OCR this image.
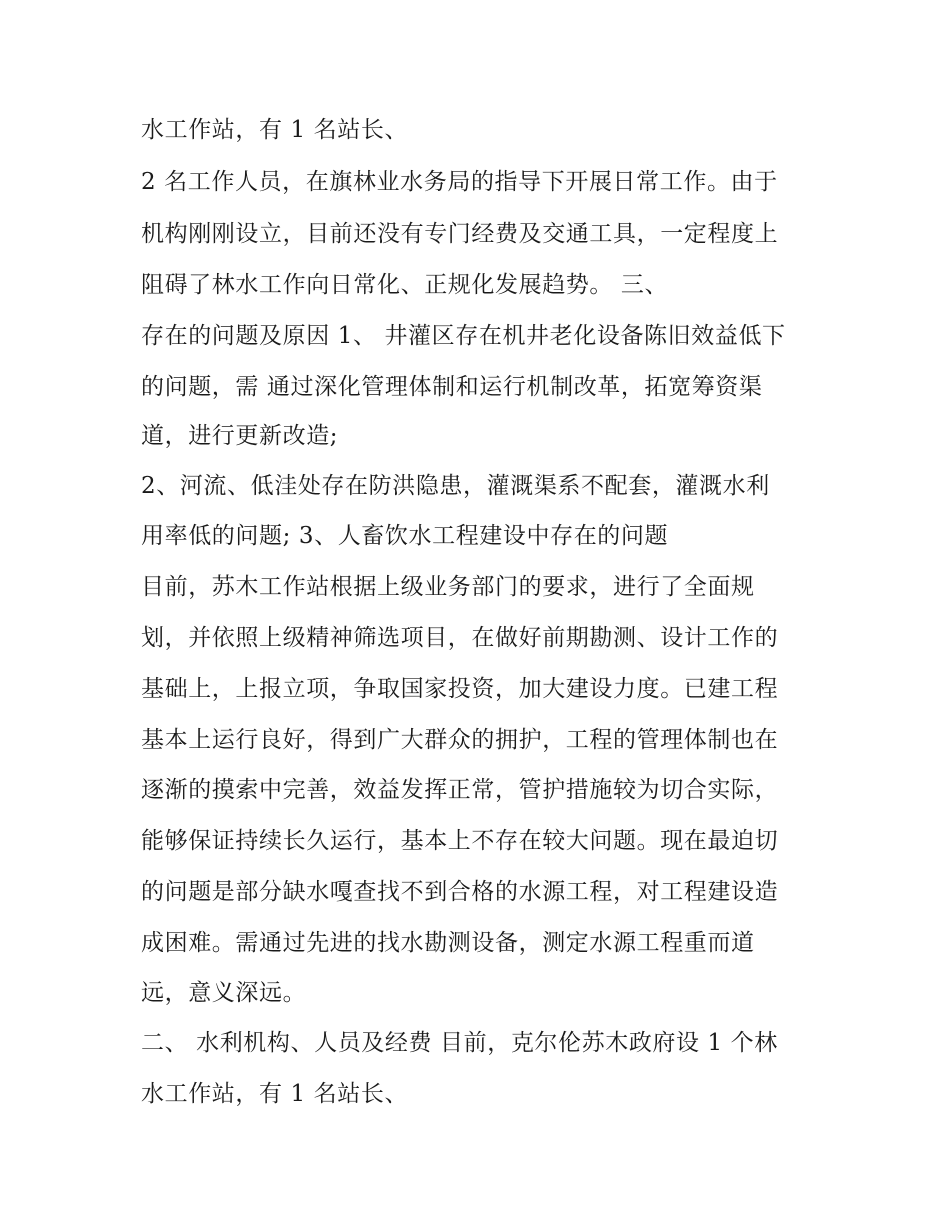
水工作站，有 1 名站长、
2 名工作人员，在旗林业水务局的指导下开展日常工作。由于
机构刚刚设立，目前还没有专门经费及交通工具，一定程度上
阻碍了林水工作向日常化、正规化发展趋势。 三、
存在的问题及原因 1、 井灌区存在机井老化设备陈旧效益低下
的问题，需 通过深化管理体制和运行机制改革，拓宽筹资渠
道，进行更新改造;
2、河流、低洼处存在防洪隐患，灌溉渠系不配套，灌溉水利
用率低的问题; 3、人畜饮水工程建设中存在的问题
目前，苏木工作站根据上级业务部门的要求，进行了全面规
划，并依照上级精神筛选项目，在做好前期勘测、设计工作的
基础上，上报立项，争取国家投资，加大建设力度。已建工程
基本上运行良好，得到广大群众的拥护，工程的管理体制也在
逐渐的摸索中完善，效益发挥正常，管护措施较为切合实际，
能够保证持续长久运行，基本上不存在较大问题。现在最迫切
的问题是部分缺水嘎查找不到合格的水源工程，对工程建设造
成困难。需通过先进的找水勘测设备，测定水源工程重而道
远，意义深远。
二、 水利机构、人员及经费 目前，克尔伦苏木政府设 1 个林
水工作站，有 1 名站长、
